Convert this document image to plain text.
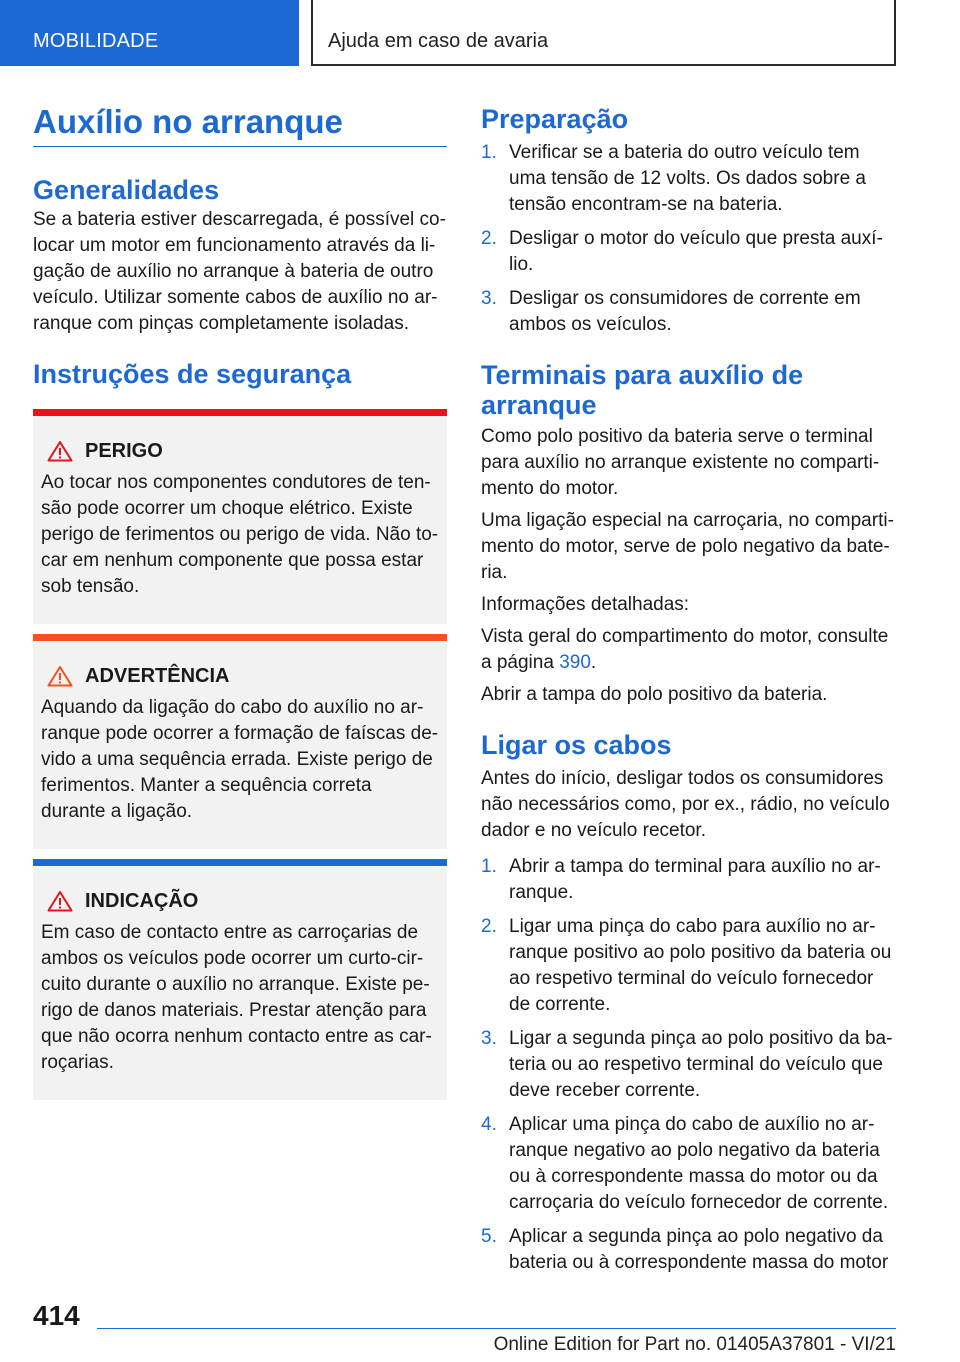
MOBILIDADE	Ajuda em caso de avaria
Auxílio no arranque
Generalidades

Se a bateria estiver descarregada, é possível co-locar um motor em funcionamento através da li-gação de auxílio no arranque à bateria de outro veículo. Utilizar somente cabos de auxílio no ar-ranque com pinças completamente isoladas.

Instruções de segurança
PERIGO

Ao tocar nos componentes condutores de ten-são pode ocorrer um choque elétrico. Existe perigo de ferimentos ou perigo de vida. Não to-car em nenhum componente que possa estar sob tensão.

ADVERTÊNCIA

Aquando da ligação do cabo do auxílio no ar-ranque pode ocorrer a formação de faíscas de-vido a uma sequência errada. Existe perigo de ferimentos. Manter a sequência correta durante a ligação.

INDICAÇÃO

Em caso de contacto entre as carroçarias de ambos os veículos pode ocorrer um curto-cir-cuito durante o auxílio no arranque. Existe pe-rigo de danos materiais. Prestar atenção para que não ocorra nenhum contacto entre as car-roçarias.

Preparação
1. Verificar se a bateria do outro veículo tem uma tensão de 12 volts. Os dados sobre a tensão encontram-se na bateria.
2. Desligar o motor do veículo que presta auxí-lio.
3. Desligar os consumidores de corrente em ambos os veículos.
Terminais para auxílio de arranque

Como polo positivo da bateria serve o terminal para auxílio no arranque existente no comparti-mento do motor.

Uma ligação especial na carroçaria, no comparti-mento do motor, serve de polo negativo da bate-ria.

Informações detalhadas:

Vista geral do compartimento do motor, consulte a página 390.

Abrir a tampa do polo positivo da bateria.

Ligar os cabos

Antes do início, desligar todos os consumidores não necessários como, por ex., rádio, no veículo dador e no veículo recetor.

1. Abrir a tampa do terminal para auxílio no ar-ranque.
2. Ligar uma pinça do cabo para auxílio no ar-ranque positivo ao polo positivo da bateria ou ao respetivo terminal do veículo fornecedor de corrente.
3. Ligar a segunda pinça ao polo positivo da ba-teria ou ao respetivo terminal do veículo que deve receber corrente.
4. Aplicar uma pinça do cabo de auxílio no ar-ranque negativo ao polo negativo da bateria ou à correspondente massa do motor ou da carroçaria do veículo fornecedor de corrente.
5. Aplicar a segunda pinça ao polo negativo da bateria ou à correspondente massa do motor
414
Online Edition for Part no. 01405A37801 - VI/21
